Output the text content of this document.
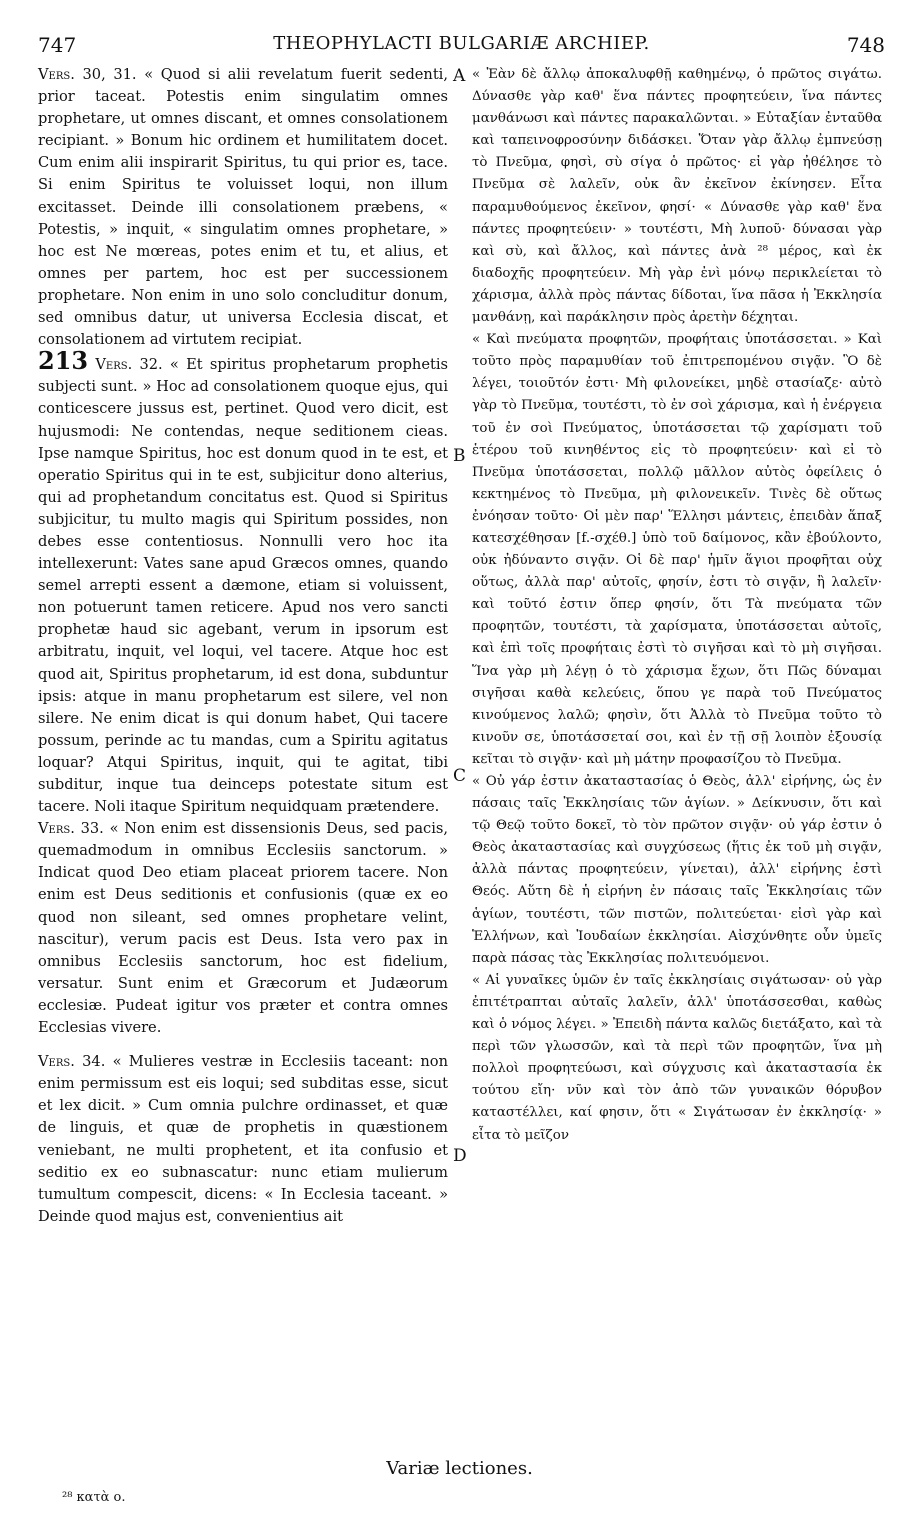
747	THEOPHYLACTI BULGARIÆ ARCHIEP.	748
A
B
C
D

Vers. 30, 31. « Quod si alii revelatum fuerit sedenti, prior taceat. Potestis enim singulatim omnes prophetare, ut omnes discant, et omnes consolationem recipiant. » Bonum hic ordinem et humilitatem docet. Cum enim alii inspirarit Spiritus, tu qui prior es, tace. Si enim Spiritus te voluisset loqui, non illum excitasset. Deinde illi consolationem præbens, « Potestis, » inquit, « singulatim omnes prophetare, » hoc est Ne mœreas, potes enim et tu, et alius, et omnes per partem, hoc est per successionem prophetare. Non enim in uno solo concluditur donum, sed omnibus datur, ut universa Ecclesia discat, et consolationem ad virtutem recipiat.

213 Vers. 32. « Et spiritus prophetarum prophetis subjecti sunt. » Hoc ad consolationem quoque ejus, qui conticescere jussus est, pertinet. Quod vero dicit, est hujusmodi: Ne contendas, neque seditionem cieas. Ipse namque Spiritus, hoc est donum quod in te est, et operatio Spiritus qui in te est, subjicitur dono alterius, qui ad prophetandum concitatus est. Quod si Spiritus subjicitur, tu multo magis qui Spiritum possides, non debes esse contentiosus. Nonnulli vero hoc ita intellexerunt: Vates sane apud Græcos omnes, quando semel arrepti essent a dæmone, etiam si voluissent, non potuerunt tamen reticere. Apud nos vero sancti prophetæ haud sic agebant, verum in ipsorum est arbitratu, inquit, vel loqui, vel tacere. Atque hoc est quod ait, Spiritus prophetarum, id est dona, subduntur ipsis: atque in manu prophetarum est silere, vel non silere. Ne enim dicat is qui donum habet, Qui tacere possum, perinde ac tu mandas, cum a Spiritu agitatus loquar? Atqui Spiritus, inquit, qui te agitat, tibi subditur, inque tua deinceps potestate situm est tacere. Noli itaque Spiritum nequidquam prætendere.

Vers. 33. « Non enim est dissensionis Deus, sed pacis, quemadmodum in omnibus Ecclesiis sanctorum. » Indicat quod Deo etiam placeat priorem tacere. Non enim est Deus seditionis et confusionis (quæ ex eo quod non sileant, sed omnes prophetare velint, nascitur), verum pacis est Deus. Ista vero pax in omnibus Ecclesiis sanctorum, hoc est fidelium, versatur. Sunt enim et Græcorum et Judæorum ecclesiæ. Pudeat igitur vos præter et contra omnes Ecclesias vivere.

Vers. 34. « Mulieres vestræ in Ecclesiis taceant: non enim permissum est eis loqui; sed subditas esse, sicut et lex dicit. » Cum omnia pulchre ordinasset, et quæ de linguis, et quæ de prophetis in quæstionem veniebant, ne multi prophetent, et ita confusio et seditio ex eo subnascatur: nunc etiam mulierum tumultum compescit, dicens: « In Ecclesia taceant. » Deinde quod majus est, convenientius ait

« Ἐὰν δὲ ἄλλῳ ἀποκαλυφθῇ καθημένῳ, ὁ πρῶτος σιγάτω. Δύνασθε γὰρ καθ' ἕνα πάντες προφητεύειν, ἵνα πάντες μανθάνωσι καὶ πάντες παρακαλῶνται. » Εὐταξίαν ἐνταῦθα καὶ ταπεινοφροσύνην διδάσκει. Ὅταν γὰρ ἄλλῳ ἐμπνεύσῃ τὸ Πνεῦμα, φησὶ, σὺ σίγα ὁ πρῶτος· εἰ γὰρ ἠθέλησε τὸ Πνεῦμα σὲ λαλεῖν, οὐκ ἂν ἐκεῖνον ἐκίνησεν. Εἶτα παραμυθούμενος ἐκεῖνον, φησί· « Δύνασθε γὰρ καθ' ἕνα πάντες προφητεύειν· » τουτέστι, Μὴ λυποῦ· δύνασαι γὰρ καὶ σὺ, καὶ ἄλλος, καὶ πάντες ἀνὰ ²⁸ μέρος, καὶ ἐκ διαδοχῆς προφητεύειν. Μὴ γὰρ ἐνὶ μόνῳ περικλείεται τὸ χάρισμα, ἀλλὰ πρὸς πάντας δίδοται, ἵνα πᾶσα ἡ Ἐκκλησία μανθάνῃ, καὶ παράκλησιν πρὸς ἀρετὴν δέχηται.

« Καὶ πνεύματα προφητῶν, προφήταις ὑποτάσσεται. » Καὶ τοῦτο πρὸς παραμυθίαν τοῦ ἐπιτρεπομένου σιγᾷν. Ὃ δὲ λέγει, τοιοῦτόν ἐστι· Μὴ φιλονείκει, μηδὲ στασίαζε· αὐτὸ γὰρ τὸ Πνεῦμα, τουτέστι, τὸ ἐν σοὶ χάρισμα, καὶ ἡ ἐνέργεια τοῦ ἐν σοὶ Πνεύματος, ὑποτάσσεται τῷ χαρίσματι τοῦ ἑτέρου τοῦ κινηθέντος εἰς τὸ προφητεύειν· καὶ εἰ τὸ Πνεῦμα ὑποτάσσεται, πολλῷ μᾶλλον αὐτὸς ὀφείλεις ὁ κεκτημένος τὸ Πνεῦμα, μὴ φιλονεικεῖν. Τινὲς δὲ οὕτως ἐνόησαν τοῦτο· Οἱ μὲν παρ' Ἕλλησι μάντεις, ἐπειδὰν ἅπαξ κατεσχέθησαν [f.-σχέθ.] ὑπὸ τοῦ δαίμονος, κἂν ἐβούλοντο, οὐκ ἠδύναντο σιγᾷν. Οἱ δὲ παρ' ἡμῖν ἅγιοι προφῆται οὐχ οὕτως, ἀλλὰ παρ' αὐτοῖς, φησίν, ἐστι τὸ σιγᾷν, ἢ λαλεῖν· καὶ τοῦτό ἐστιν ὅπερ φησίν, ὅτι Τὰ πνεύματα τῶν προφητῶν, τουτέστι, τὰ χαρίσματα, ὑποτάσσεται αὐτοῖς, καὶ ἐπὶ τοῖς προφήταις ἐστὶ τὸ σιγῆσαι καὶ τὸ μὴ σιγῆσαι. Ἵνα γὰρ μὴ λέγῃ ὁ τὸ χάρισμα ἔχων, ὅτι Πῶς δύναμαι σιγῆσαι καθὰ κελεύεις, ὅπου γε παρὰ τοῦ Πνεύματος κινούμενος λαλῶ; φησὶν, ὅτι Ἀλλὰ τὸ Πνεῦμα τοῦτο τὸ κινοῦν σε, ὑποτάσσεταί σοι, καὶ ἐν τῇ σῇ λοιπὸν ἐξουσίᾳ κεῖται τὸ σιγᾷν· καὶ μὴ μάτην προφασίζου τὸ Πνεῦμα.

« Οὐ γάρ ἐστιν ἀκαταστασίας ὁ Θεὸς, ἀλλ' εἰρήνης, ὡς ἐν πάσαις ταῖς Ἐκκλησίαις τῶν ἁγίων. » Δείκνυσιν, ὅτι καὶ τῷ Θεῷ τοῦτο δοκεῖ, τὸ τὸν πρῶτον σιγᾷν· οὐ γάρ ἐστιν ὁ Θεὸς ἀκαταστασίας καὶ συγχύσεως (ἥτις ἐκ τοῦ μὴ σιγᾷν, ἀλλὰ πάντας προφητεύειν, γίνεται), ἀλλ' εἰρήνης ἐστὶ Θεός. Αὕτη δὲ ἡ εἰρήνη ἐν πάσαις ταῖς Ἐκκλησίαις τῶν ἁγίων, τουτέστι, τῶν πιστῶν, πολιτεύεται· εἰσὶ γὰρ καὶ Ἑλλήνων, καὶ Ἰουδαίων ἐκκλησίαι. Αἰσχύνθητε οὖν ὑμεῖς παρὰ πάσας τὰς Ἐκκλησίας πολιτευόμενοι.

« Αἱ γυναῖκες ὑμῶν ἐν ταῖς ἐκκλησίαις σιγάτωσαν· οὐ γὰρ ἐπιτέτραπται αὐταῖς λαλεῖν, ἀλλ' ὑποτάσσεσθαι, καθὼς καὶ ὁ νόμος λέγει. » Ἐπειδὴ πάντα καλῶς διετάξατο, καὶ τὰ περὶ τῶν γλωσσῶν, καὶ τὰ περὶ τῶν προφητῶν, ἵνα μὴ πολλοὶ προφητεύωσι, καὶ σύγχυσις καὶ ἀκαταστασία ἐκ τούτου εἴη· νῦν καὶ τὸν ἀπὸ τῶν γυναικῶν θόρυβον καταστέλλει, καί φησιν, ὅτι « Σιγάτωσαν ἐν ἐκκλησίᾳ· » εἶτα τὸ μεῖζον

Variæ lectiones.
²⁸ κατὰ ο.
